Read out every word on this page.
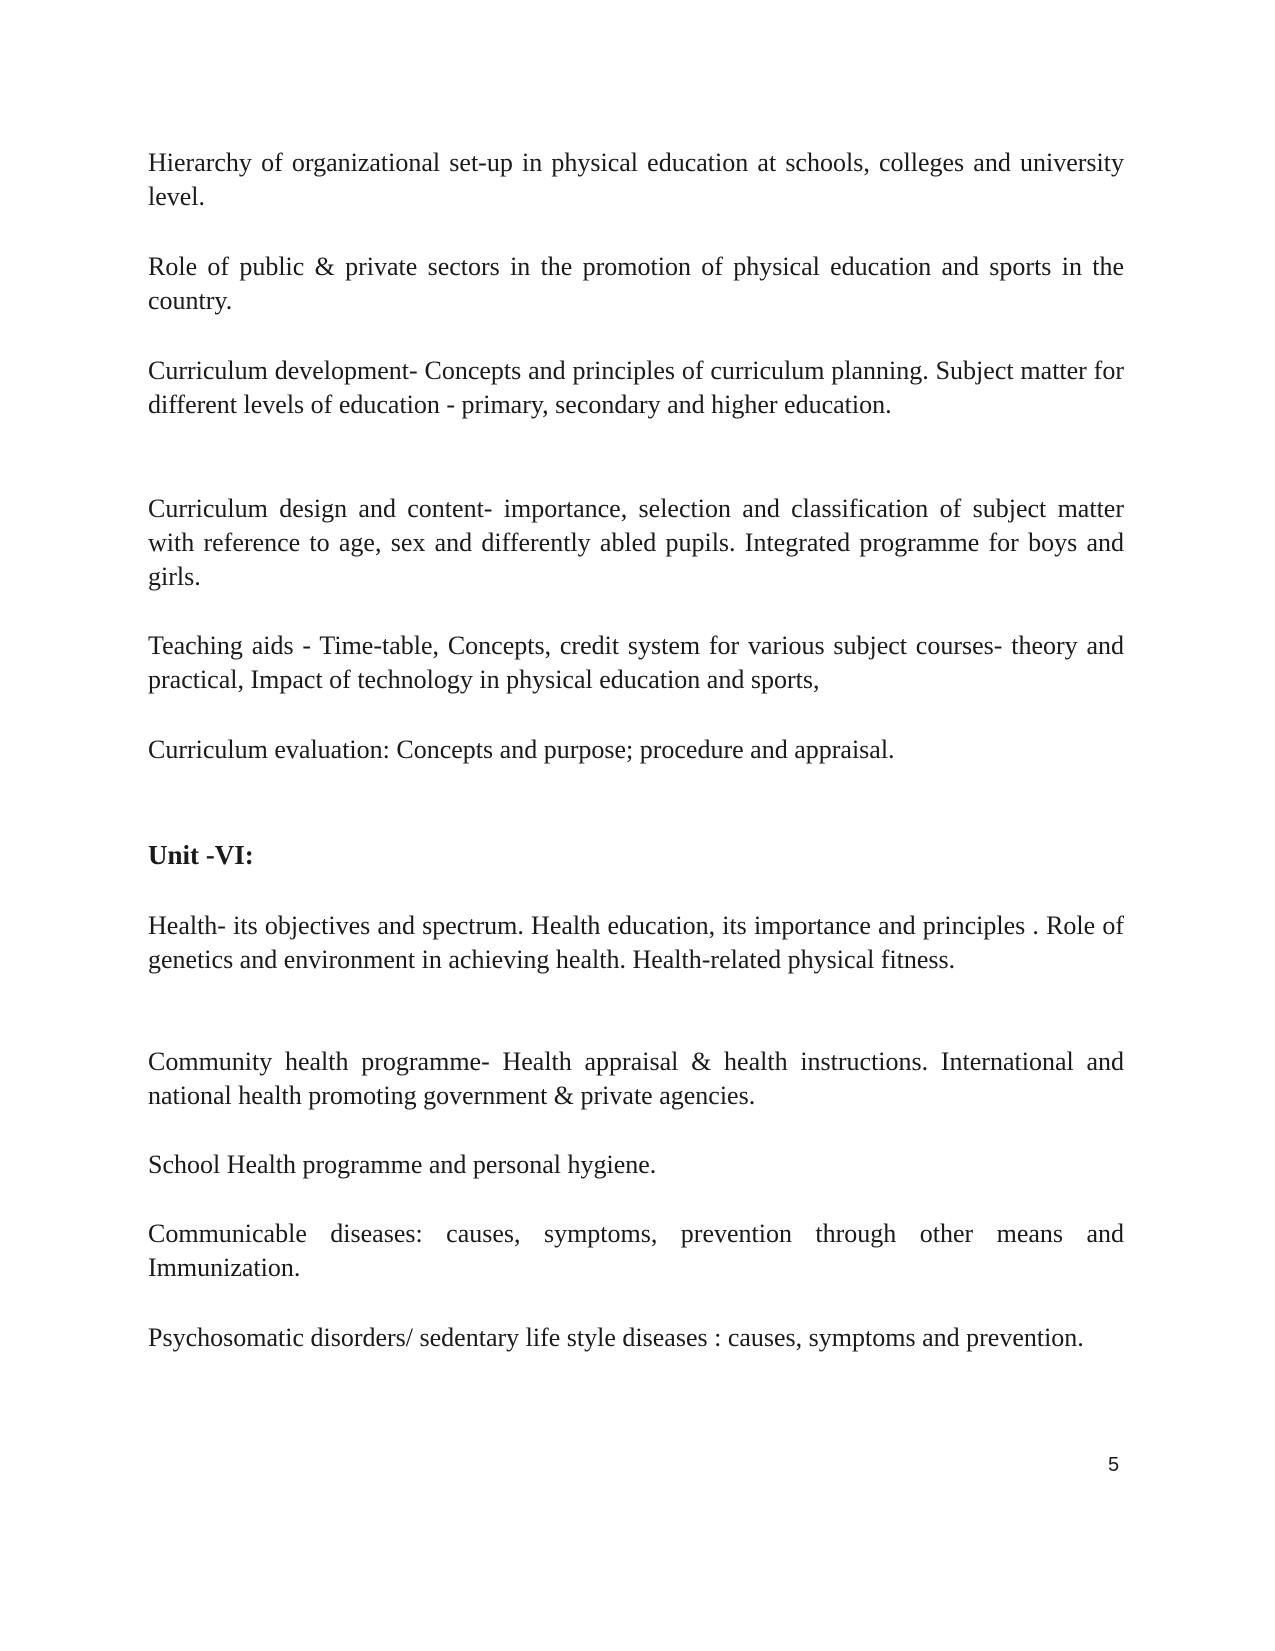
Hierarchy of organizational set-up in physical education at schools, colleges and university level.

Role of public & private sectors in the promotion of physical education and sports in the country.

Curriculum development- Concepts and principles of curriculum planning. Subject matter for different levels of education - primary, secondary and higher education.

Curriculum design and content- importance, selection and classification of subject matter with reference to age, sex and differently abled pupils. Integrated programme for boys and girls.

Teaching aids - Time-table, Concepts, credit system for various subject courses- theory and practical, Impact of technology in physical education and sports,

Curriculum evaluation: Concepts and purpose; procedure and appraisal.

Unit -VI:

Health- its objectives and spectrum. Health education, its importance and principles . Role of genetics and environment in achieving health. Health-related physical fitness.

Community health programme- Health appraisal & health instructions. International and national health promoting government & private agencies.

School Health programme and personal hygiene.

Communicable diseases: causes, symptoms, prevention through other means and Immunization.

Psychosomatic disorders/ sedentary life style diseases : causes, symptoms and prevention.

5
